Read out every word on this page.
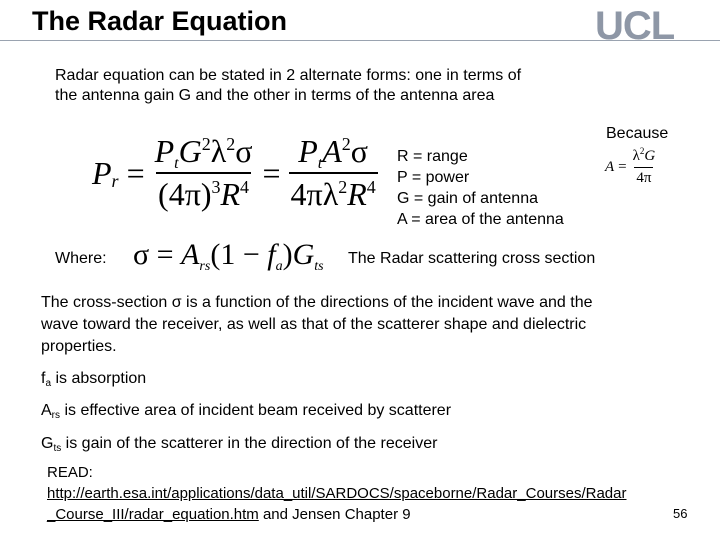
The Radar Equation	UCL
Radar equation can be stated in 2 alternate forms: one in terms of
the antenna gain G and the other in terms of the antenna area
P $r = \frac{PtG^2\lambda^2\sigma}{(4\pi)^3R^4} = \frac{PtA^2\sigma}{4\pi\lambda^2R^4}$	Because
$A = \frac{\lambda^2G}{4\pi}$
R = range
P = power
G = gain of antenna
A = area of the antenna
Where: $\sigma = A_{rs}(1 - f_a)G_{ts}$ The Radar scattering cross section
The cross-section σ is a function of the directions of the incident wave and the
wave toward the receiver, as well as that of the scatterer shape and dielectric
properties.
fa is absorption
Ars is effective area of incident beam received by scatterer
Gts is gain of the scatterer in the direction of the receiver
READ:
http://earth.esa.int/applications/data_util/SARDOCS/spaceborne/Radar_Courses/Radar
_Course_III/radar_equation.htm and Jensen Chapter 9	56
